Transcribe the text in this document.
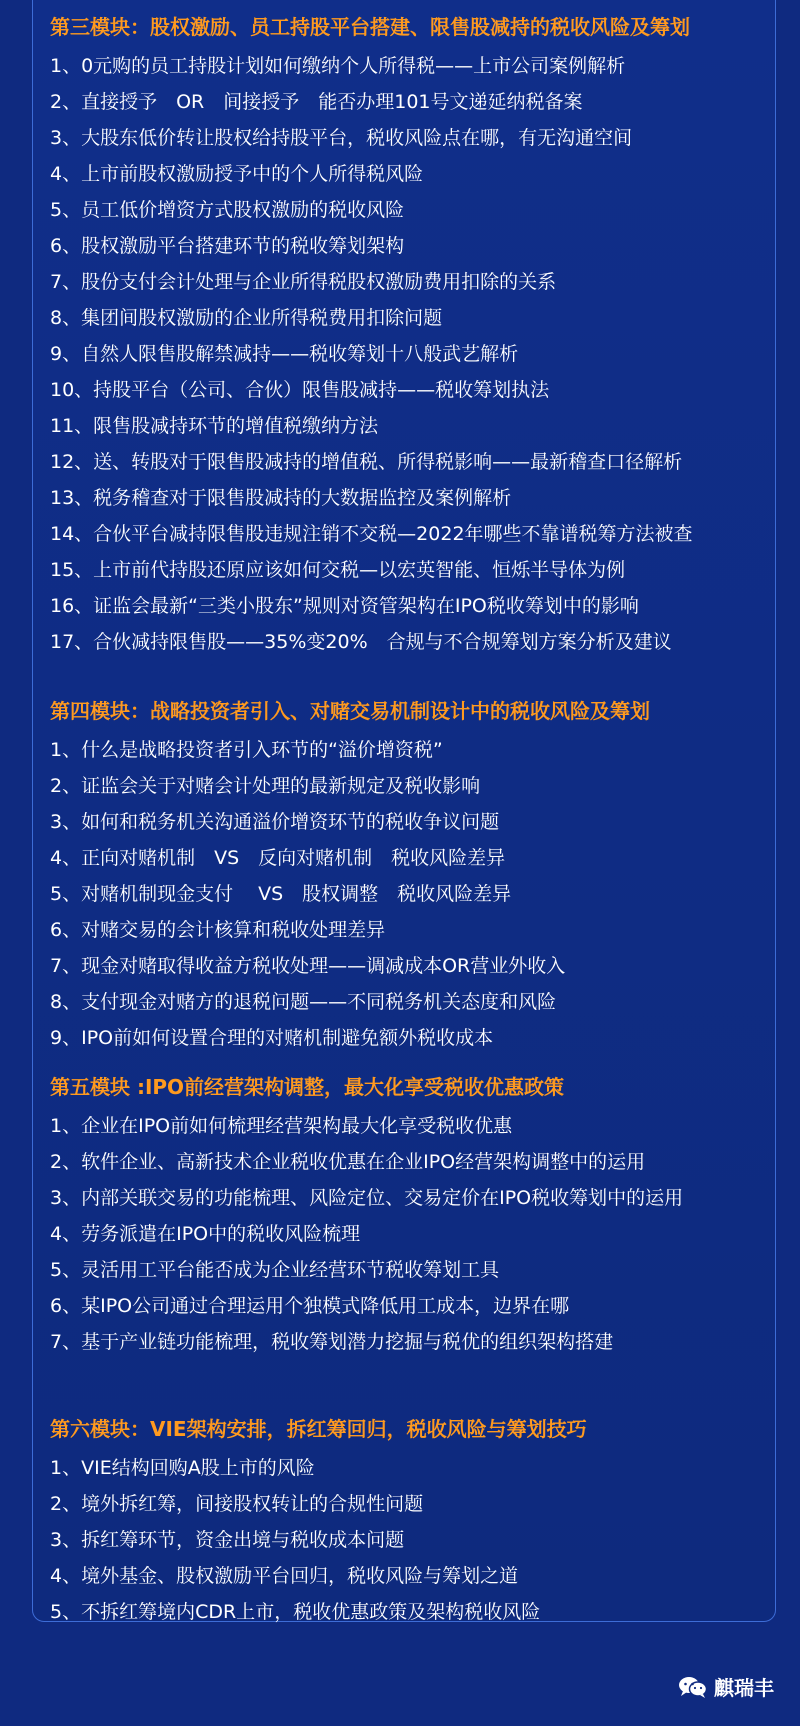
第三模块：股权激励、员工持股平台搭建、限售股减持的税收风险及筹划
1、0元购的员工持股计划如何缴纳个人所得税——上市公司案例解析
2、直接授予　OR　间接授予　能否办理101号文递延纳税备案
3、大股东低价转让股权给持股平台，税收风险点在哪，有无沟通空间
4、上市前股权激励授予中的个人所得税风险
5、员工低价增资方式股权激励的税收风险
6、股权激励平台搭建环节的税收筹划架构
7、股份支付会计处理与企业所得税股权激励费用扣除的关系
8、集团间股权激励的企业所得税费用扣除问题
9、自然人限售股解禁减持——税收筹划十八般武艺解析
10、持股平台（公司、合伙）限售股减持——税收筹划执法
11、限售股减持环节的增值税缴纳方法
12、送、转股对于限售股减持的增值税、所得税影响——最新稽查口径解析
13、税务稽查对于限售股减持的大数据监控及案例解析
14、合伙平台减持限售股违规注销不交税—2022年哪些不靠谱税筹方法被查
15、上市前代持股还原应该如何交税—以宏英智能、恒烁半导体为例
16、证监会最新“三类小股东”规则对资管架构在IPO税收筹划中的影响
17、合伙减持限售股——35%变20%　合规与不合规筹划方案分析及建议
第四模块：战略投资者引入、对赌交易机制设计中的税收风险及筹划
1、什么是战略投资者引入环节的“溢价增资税”
2、证监会关于对赌会计处理的最新规定及税收影响
3、如何和税务机关沟通溢价增资环节的税收争议问题
4、正向对赌机制　VS　反向对赌机制　税收风险差异
5、对赌机制现金支付　 VS　股权调整　税收风险差异
6、对赌交易的会计核算和税收处理差异
7、现金对赌取得收益方税收处理——调减成本OR营业外收入
8、支付现金对赌方的退税问题——不同税务机关态度和风险
9、IPO前如何设置合理的对赌机制避免额外税收成本
第五模块 :IPO前经营架构调整，最大化享受税收优惠政策
1、企业在IPO前如何梳理经营架构最大化享受税收优惠
2、软件企业、高新技术企业税收优惠在企业IPO经营架构调整中的运用
3、内部关联交易的功能梳理、风险定位、交易定价在IPO税收筹划中的运用
4、劳务派遣在IPO中的税收风险梳理
5、灵活用工平台能否成为企业经营环节税收筹划工具
6、某IPO公司通过合理运用个独模式降低用工成本，边界在哪
7、基于产业链功能梳理，税收筹划潜力挖掘与税优的组织架构搭建
第六模块：VIE架构安排，拆红筹回归，税收风险与筹划技巧
1、VIE结构回购A股上市的风险
2、境外拆红筹，间接股权转让的合规性问题
3、拆红筹环节，资金出境与税收成本问题
4、境外基金、股权激励平台回归，税收风险与筹划之道
5、不拆红筹境内CDR上市，税收优惠政策及架构税收风险
麒瑞丰
